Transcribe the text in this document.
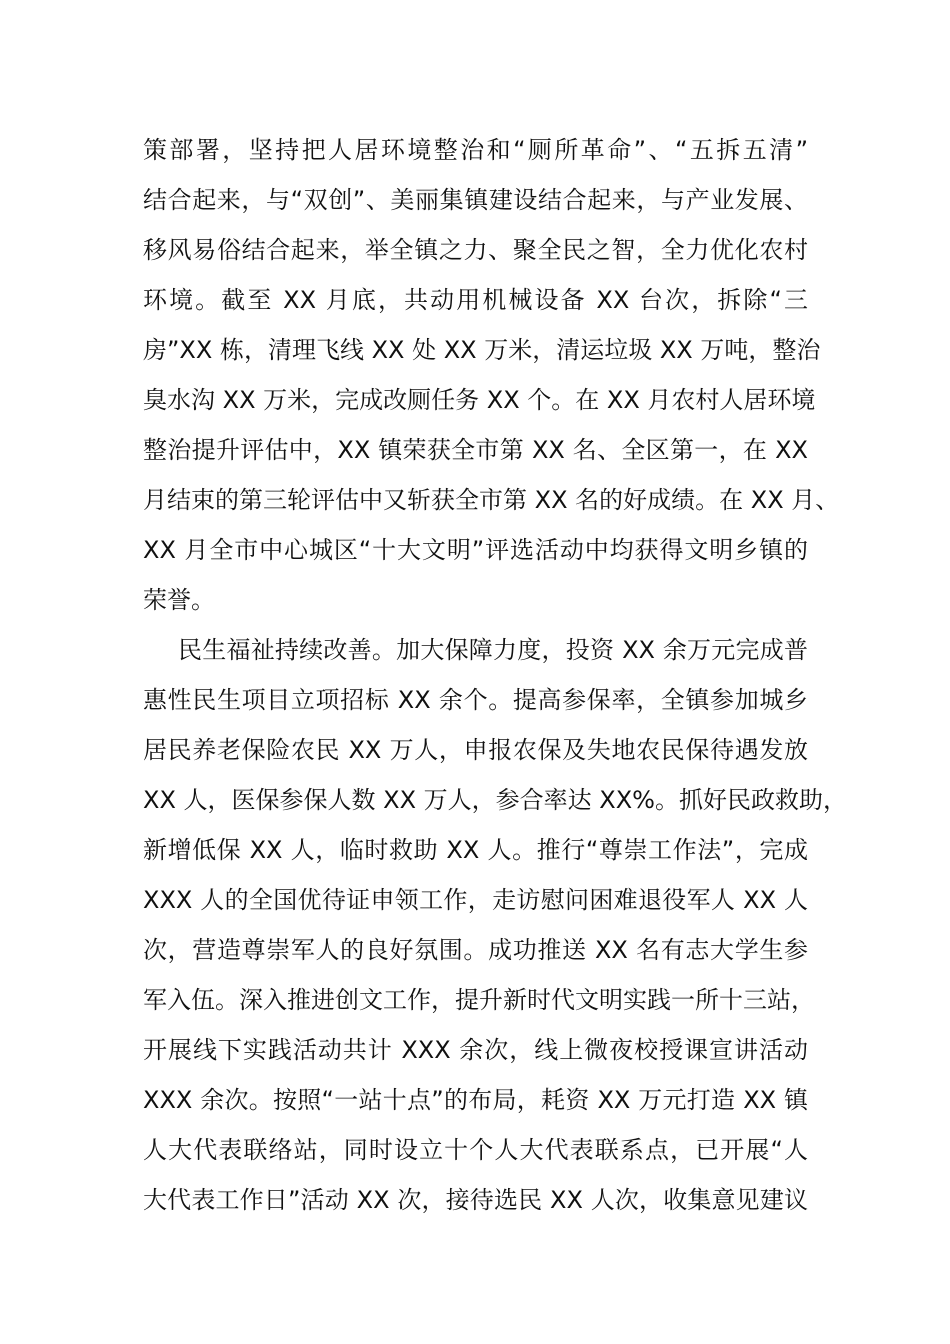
策部署，坚持把人居环境整治和“厕所革命”、“五拆五清”
结合起来，与“双创”、美丽集镇建设结合起来，与产业发展、
移风易俗结合起来，举全镇之力、聚全民之智，全力优化农村
环境。截至 XX 月底，共动用机械设备 XX 台次，拆除“三
房”XX 栋，清理飞线 XX 处 XX 万米，清运垃圾 XX 万吨，整治
臭水沟 XX 万米，完成改厕任务 XX 个。在 XX 月农村人居环境
整治提升评估中，XX 镇荣获全市第 XX 名、全区第一，在 XX
月结束的第三轮评估中又斩获全市第 XX 名的好成绩。在 XX 月、
XX 月全市中心城区“十大文明”评选活动中均获得文明乡镇的
荣誉。
民生福祉持续改善。加大保障力度，投资 XX 余万元完成普
惠性民生项目立项招标 XX 余个。提高参保率，全镇参加城乡
居民养老保险农民 XX 万人，申报农保及失地农民保待遇发放
XX 人，医保参保人数 XX 万人，参合率达 XX%。抓好民政救助，
新增低保 XX 人，临时救助 XX 人。推行“尊崇工作法”，完成
XXX 人的全国优待证申领工作，走访慰问困难退役军人 XX 人
次，营造尊崇军人的良好氛围。成功推送 XX 名有志大学生参
军入伍。深入推进创文工作，提升新时代文明实践一所十三站，
开展线下实践活动共计 XXX 余次，线上微夜校授课宣讲活动
XXX 余次。按照“一站十点”的布局，耗资 XX 万元打造 XX 镇
人大代表联络站，同时设立十个人大代表联系点，已开展“人
大代表工作日”活动 XX 次，接待选民 XX 人次，收集意见建议
